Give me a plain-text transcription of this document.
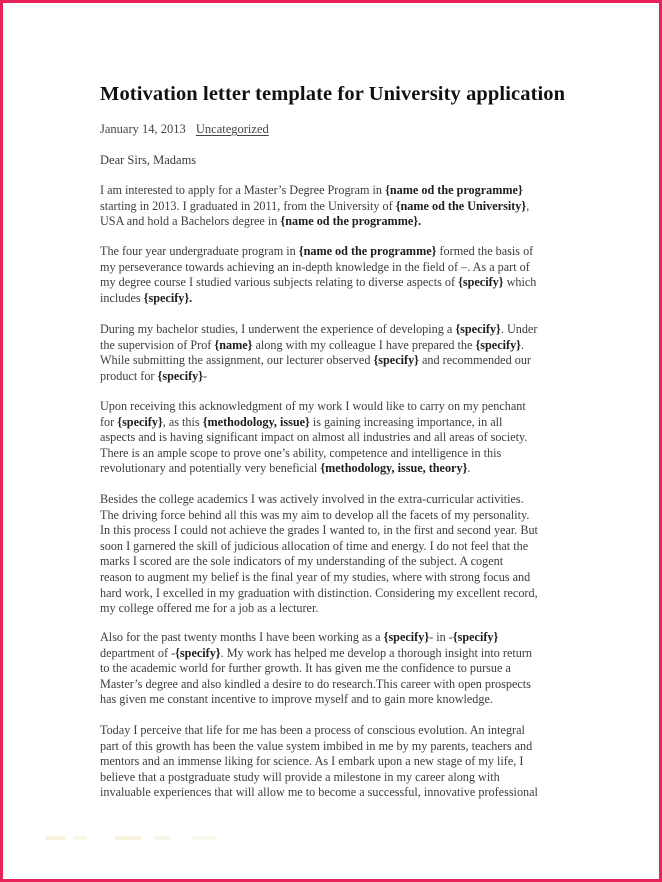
Motivation letter template for University application
January 14, 2013 Uncategorized
Dear Sirs, Madams

I am interested to apply for a Master’s Degree Program in {name od the programme}
starting in 2013. I graduated in 2011, from the University of {name od the University},
USA and hold a Bachelors degree in {name od the programme}.

The four year undergraduate program in {name od the programme} formed the basis of
my perseverance towards achieving an in-depth knowledge in the field of –. As a part of
my degree course I studied various subjects relating to diverse aspects of {specify} which
includes {specify}.

During my bachelor studies, I underwent the experience of developing a {specify}. Under
the supervision of Prof {name} along with my colleague I have prepared the {specify}.
While submitting the assignment, our lecturer observed {specify} and recommended our
product for {specify}-

Upon receiving this acknowledgment of my work I would like to carry on my penchant
for {specify}, as this {methodology, issue} is gaining increasing importance, in all
aspects and is having significant impact on almost all industries and all areas of society.
There is an ample scope to prove one’s ability, competence and intelligence in this
revolutionary and potentially very beneficial {methodology, issue, theory}.

Besides the college academics I was actively involved in the extra-curricular activities.
The driving force behind all this was my aim to develop all the facets of my personality.
In this process I could not achieve the grades I wanted to, in the first and second year. But
soon I garnered the skill of judicious allocation of time and energy. I do not feel that the
marks I scored are the sole indicators of my understanding of the subject. A cogent
reason to augment my belief is the final year of my studies, where with strong focus and
hard work, I excelled in my graduation with distinction. Considering my excellent record,
my college offered me for a job as a lecturer.

Also for the past twenty months I have been working as a {specify}- in -{specify}
department of -{specify}. My work has helped me develop a thorough insight into return
to the academic world for further growth. It has given me the confidence to pursue a
Master’s degree and also kindled a desire to do research.This career with open prospects
has given me constant incentive to improve myself and to gain more knowledge.

Today I perceive that life for me has been a process of conscious evolution. An integral
part of this growth has been the value system imbibed in me by my parents, teachers and
mentors and an immense liking for science. As I embark upon a new stage of my life, I
believe that a postgraduate study will provide a milestone in my career along with
invaluable experiences that will allow me to become a successful, innovative professional
